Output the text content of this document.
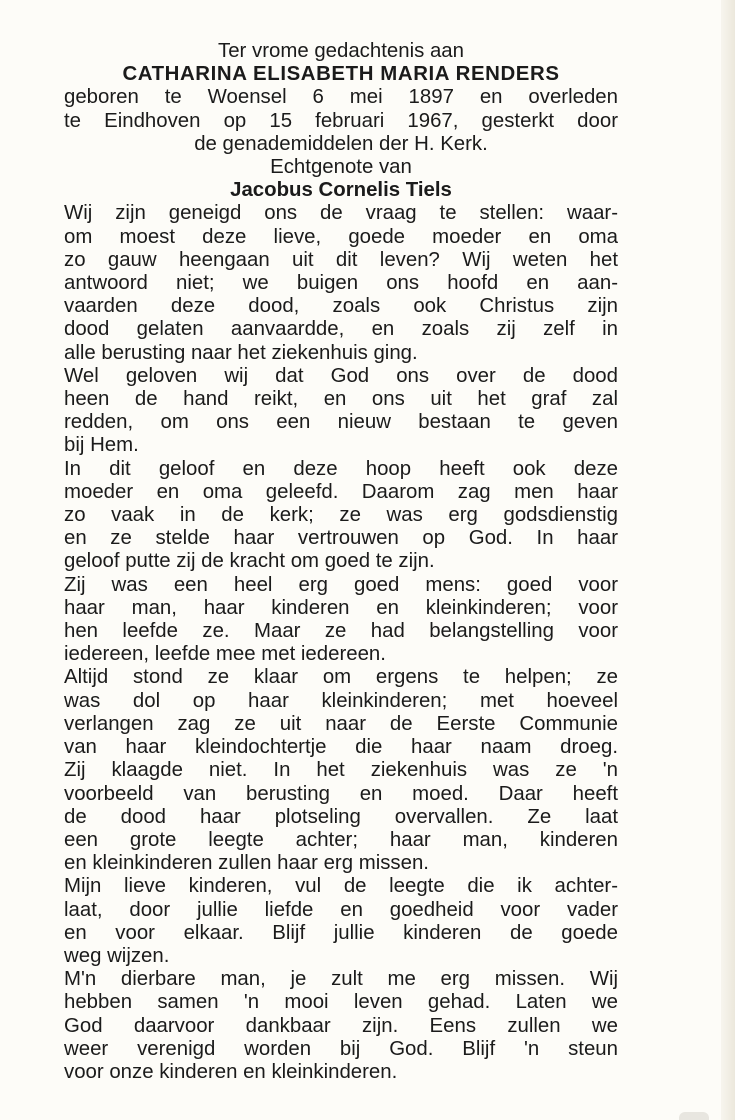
Ter vrome gedachtenis aan
CATHARINA ELISABETH MARIA RENDERS
geboren te Woensel 6 mei 1897 en overleden
te Eindhoven op 15 februari 1967, gesterkt door
de genademiddelen der H. Kerk.
Echtgenote van
Jacobus Cornelis Tiels
Wij zijn geneigd ons de vraag te stellen: waar-
om moest deze lieve, goede moeder en oma
zo gauw heengaan uit dit leven? Wij weten het
antwoord niet; we buigen ons hoofd en aan-
vaarden deze dood, zoals ook Christus zijn
dood gelaten aanvaardde, en zoals zij zelf in
alle berusting naar het ziekenhuis ging.
Wel geloven wij dat God ons over de dood
heen de hand reikt, en ons uit het graf zal
redden, om ons een nieuw bestaan te geven
bij Hem.
In dit geloof en deze hoop heeft ook deze
moeder en oma geleefd. Daarom zag men haar
zo vaak in de kerk; ze was erg godsdienstig
en ze stelde haar vertrouwen op God. In haar
geloof putte zij de kracht om goed te zijn.
Zij was een heel erg goed mens: goed voor
haar man, haar kinderen en kleinkinderen; voor
hen leefde ze. Maar ze had belangstelling voor
iedereen, leefde mee met iedereen.
Altijd stond ze klaar om ergens te helpen; ze
was dol op haar kleinkinderen; met hoeveel
verlangen zag ze uit naar de Eerste Communie
van haar kleindochtertje die haar naam droeg.
Zij klaagde niet. In het ziekenhuis was ze 'n
voorbeeld van berusting en moed. Daar heeft
de dood haar plotseling overvallen. Ze laat
een grote leegte achter; haar man, kinderen
en kleinkinderen zullen haar erg missen.
Mijn lieve kinderen, vul de leegte die ik achter-
laat, door jullie liefde en goedheid voor vader
en voor elkaar. Blijf jullie kinderen de goede
weg wijzen.
M'n dierbare man, je zult me erg missen. Wij
hebben samen 'n mooi leven gehad. Laten we
God daarvoor dankbaar zijn. Eens zullen we
weer verenigd worden bij God. Blijf 'n steun
voor onze kinderen en kleinkinderen.
